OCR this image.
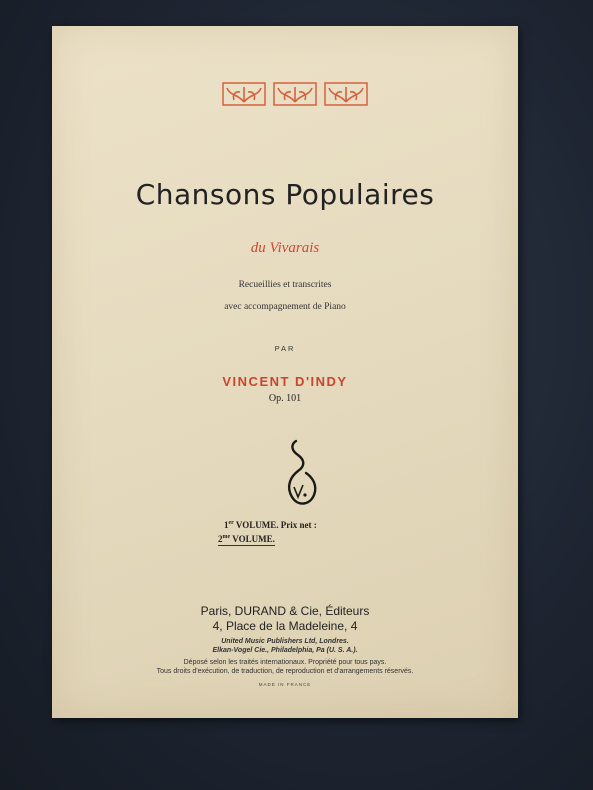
Chansons Populaires
du Vivarais
Recueillies et transcrites
avec accompagnement de Piano
PAR
VINCENT D'INDY
Op. 101
1er VOLUME. Prix net :
$2^{me}$ VOLUME.
Paris, DURAND & Cie, Éditeurs
4, Place de la Madeleine, 4
United Music Publishers Ltd, Londres.
Elkan-Vogel Cie., Philadelphia, Pa (U. S. A.).
Déposé selon les traités internationaux. Propriété pour tous pays.
Tous droits d'exécution, de traduction, de reproduction et d'arrangements réservés.
MADE IN FRANCE
